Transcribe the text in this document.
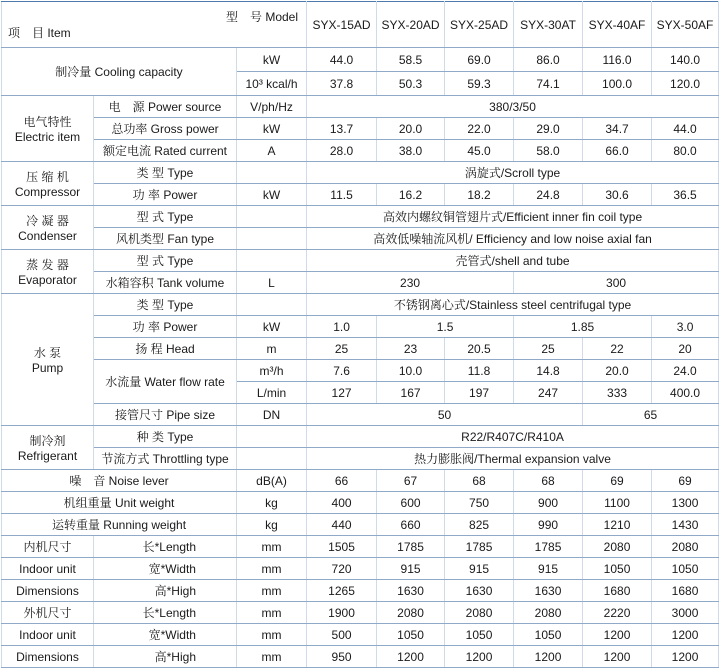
型　号 Model
项　目 Item			SYX-15AD	SYX-20AD	SYX-25AD	SYX-30AT	SYX-40AF	SYX-50AF
制冷量 Cooling capacity		kW	44.0	58.5	69.0	86.0	116.0	140.0
		10³ kcal/h	37.8	50.3	59.3	74.1	100.0	120.0

电气特性
Electric item	电　源 Power source	V/ph/Hz	380/3/50					
	总功率 Gross power	kW	13.7	20.0	22.0	29.0	34.7	44.0
	额定电流 Rated current	A	28.0	38.0	45.0	58.0	66.0	80.0

压 缩 机
Compressor	类 型 Type		涡旋式/Scroll type					
	功 率 Power	kW	11.5	16.2	18.2	24.8	30.6	36.5

冷 凝 器
Condenser	型 式 Type		高效内螺纹铜管翅片式/Efficient inner fin coil type					
	风机类型 Fan type		高效低噪轴流风机/ Efficiency and low noise axial fan					

蒸 发 器
Evaporator	型 式 Type		壳管式/shell and tube					
	水箱容积 Tank volume	L	230			300		

水 泵
Pump	类 型 Type		不锈钢离心式/Stainless steel centrifugal type					
	功 率 Power	kW	1.0	1.5		1.85		3.0
	扬 程 Head	m	25	23	20.5	25	22	20
	水流量 Water flow rate	m³/h	7.6	10.0	11.8	14.8	20.0	24.0
		L/min	127	167	197	247	333	400.0
	接管尺寸 Pipe size	DN	50				65	

制冷剂
Refrigerant	种 类 Type		R22/R407C/R410A					
	节流方式 Throttling type		热力膨胀阀/Thermal expansion valve					
噪　音 Noise lever		dB(A)	66	67	68	68	69	69
机组重量 Unit weight		kg	400	600	750	900	1100	1300
运转重量 Running weight		kg	440	660	825	990	1210	1430
内机尺寸	长*Length	mm	1505	1785	1785	1785	2080	2080
Indoor unit	宽*Width	mm	720	915	915	915	1050	1050
Dimensions	高*High	mm	1265	1630	1630	1630	1680	1680
外机尺寸	长*Length	mm	1900	2080	2080	2080	2220	3000
Indoor unit	宽*Width	mm	500	1050	1050	1050	1200	1200
Dimensions	高*High	mm	950	1200	1200	1200	1200	1200
